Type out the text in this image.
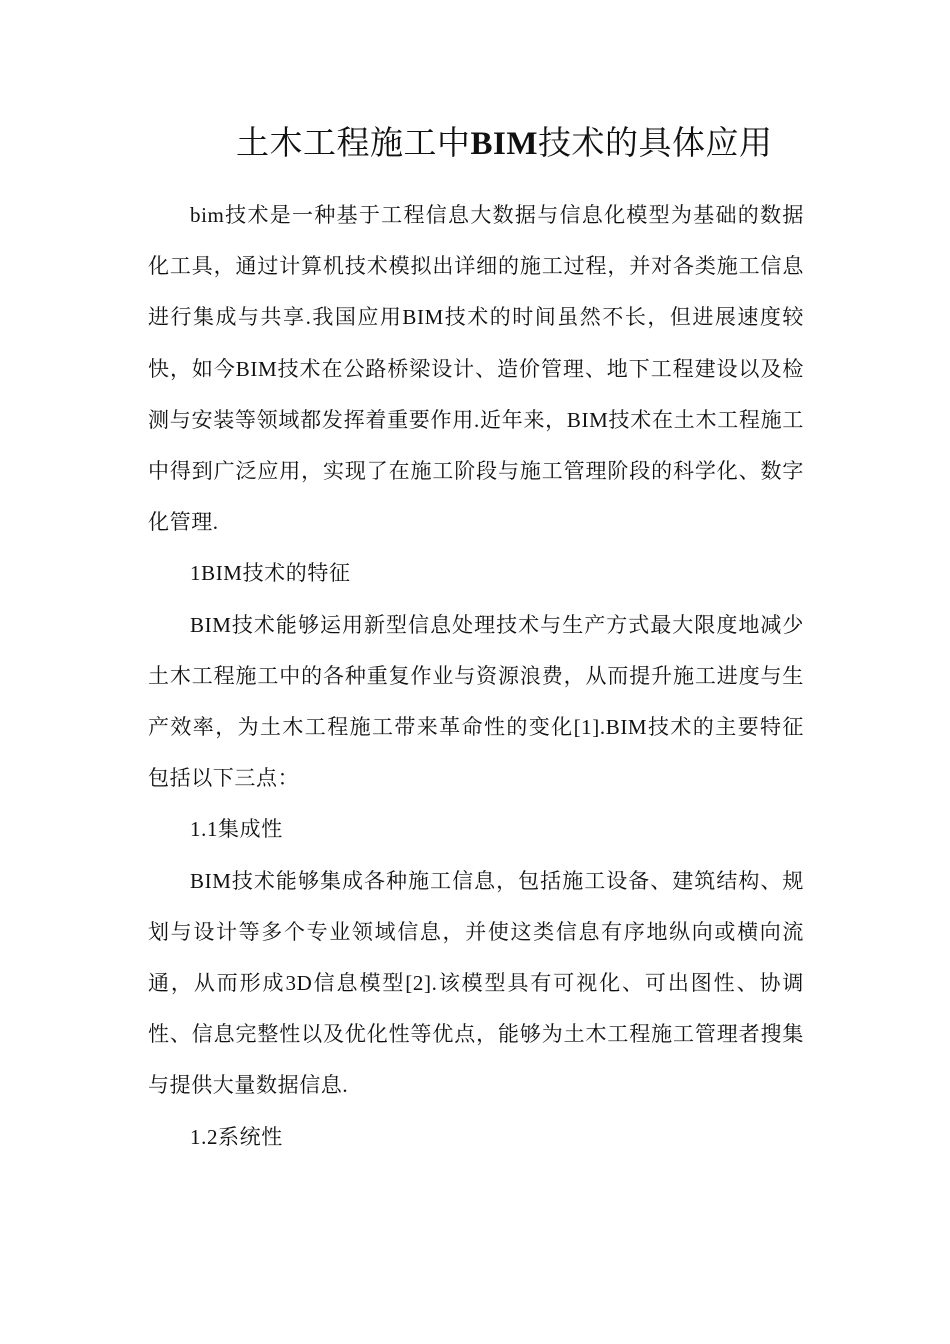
土木工程施工中BIM技术的具体应用

bim技术是一种基于工程信息大数据与信息化模型为基础的数据化工具，通过计算机技术模拟出详细的施工过程，并对各类施工信息进行集成与共享.我国应用BIM技术的时间虽然不长，但进展速度较快，如今BIM技术在公路桥梁设计、造价管理、地下工程建设以及检测与安装等领域都发挥着重要作用.近年来，BIM技术在土木工程施工中得到广泛应用，实现了在施工阶段与施工管理阶段的科学化、数字化管理.

1BIM技术的特征

BIM技术能够运用新型信息处理技术与生产方式最大限度地减少土木工程施工中的各种重复作业与资源浪费，从而提升施工进度与生产效率，为土木工程施工带来革命性的变化[1].BIM技术的主要特征包括以下三点：

1.1集成性

BIM技术能够集成各种施工信息，包括施工设备、建筑结构、规划与设计等多个专业领域信息，并使这类信息有序地纵向或横向流通，从而形成3D信息模型[2].该模型具有可视化、可出图性、协调性、信息完整性以及优化性等优点，能够为土木工程施工管理者搜集与提供大量数据信息.

1.2系统性
